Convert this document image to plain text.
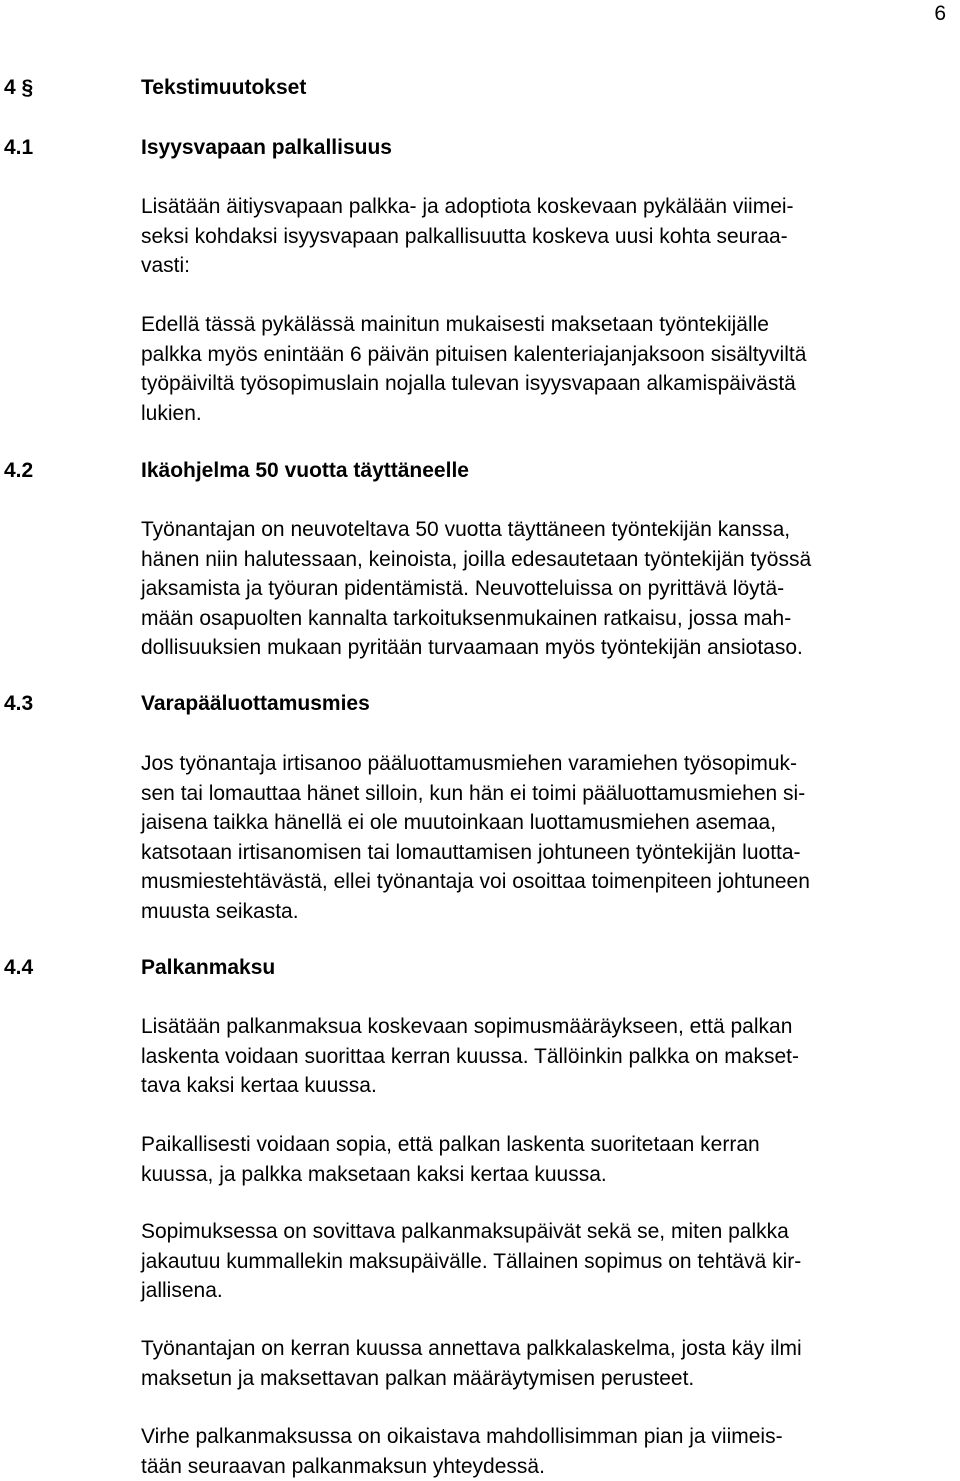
6
4 §	Tekstimuutokset
4.1	Isyysvapaan palkallisuus
Lisätään äitiysvapaan palkka- ja adoptiota koskevaan pykälään viimei-
seksi kohdaksi isyysvapaan palkallisuutta koskeva uusi kohta seuraa-
vasti:
Edellä tässä pykälässä mainitun mukaisesti maksetaan työntekijälle
palkka myös enintään 6 päivän pituisen kalenteriajanjaksoon sisältyviltä
työpäiviltä työsopimuslain nojalla tulevan isyysvapaan alkamispäivästä
lukien.
4.2	Ikäohjelma 50 vuotta täyttäneelle
Työnantajan on neuvoteltava 50 vuotta täyttäneen työntekijän kanssa,
hänen niin halutessaan, keinoista, joilla edesautetaan työntekijän työssä
jaksamista ja työuran pidentämistä. Neuvotteluissa on pyrittävä löytä-
mään osapuolten kannalta tarkoituksenmukainen ratkaisu, jossa mah-
dollisuuksien mukaan pyritään turvaamaan myös työntekijän ansiotaso.
4.3	Varapääluottamusmies
Jos työnantaja irtisanoo pääluottamusmiehen varamiehen työsopimuk-
sen tai lomauttaa hänet silloin, kun hän ei toimi pääluottamusmiehen si-
jaisena taikka hänellä ei ole muutoinkaan luottamusmiehen asemaa,
katsotaan irtisanomisen tai lomauttamisen johtuneen työntekijän luotta-
musmiestehtävästä, ellei työnantaja voi osoittaa toimenpiteen johtuneen
muusta seikasta.
4.4	Palkanmaksu
Lisätään palkanmaksua koskevaan sopimusmääräykseen, että palkan
laskenta voidaan suorittaa kerran kuussa. Tällöinkin palkka on makset-
tava kaksi kertaa kuussa.
Paikallisesti voidaan sopia, että palkan laskenta suoritetaan kerran
kuussa, ja palkka maksetaan kaksi kertaa kuussa.
Sopimuksessa on sovittava palkanmaksupäivät sekä se, miten palkka
jakautuu kummallekin maksupäivälle. Tällainen sopimus on tehtävä kir-
jallisena.
Työnantajan on kerran kuussa annettava palkkalaskelma, josta käy ilmi
maksetun ja maksettavan palkan määräytymisen perusteet.
Virhe palkanmaksussa on oikaistava mahdollisimman pian ja viimeis-
tään seuraavan palkanmaksun yhteydessä.
